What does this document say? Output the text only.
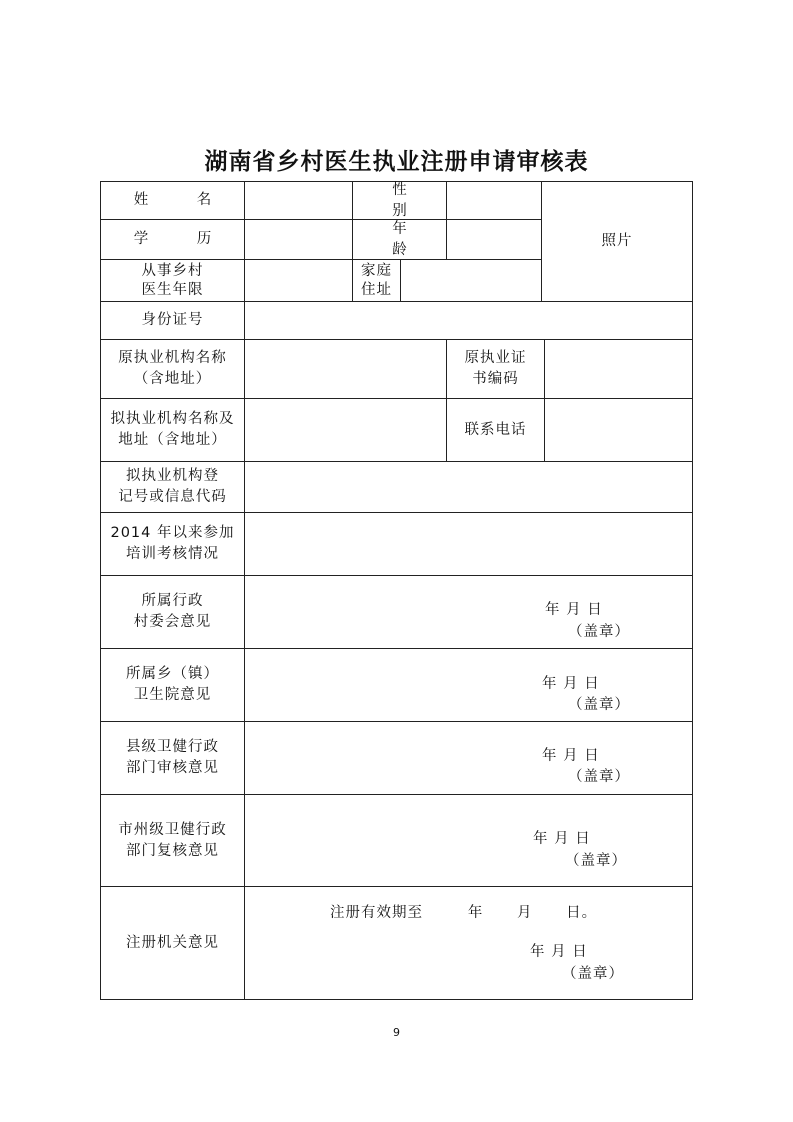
湖南省乡村医生执业注册申请审核表
姓 名
性 别
照片
学 历
年 龄
从事乡村
医生年限
家庭
住址
身份证号
原执业机构名称
（含地址）
原执业证
书编码
拟执业机构名称及
地址（含地址）
联系电话
拟执业机构登
记号或信息代码
2014 年以来参加
培训考核情况
所属行政
村委会意见
年 月 日
（盖章）
所属乡（镇）
卫生院意见
年 月 日
（盖章）
县级卫健行政
部门审核意见
年 月 日
（盖章）
市州级卫健行政
部门复核意见
年 月 日
（盖章）
注册机关意见
注册有效期至        年      月      日。
年 月 日
（盖章）
9
